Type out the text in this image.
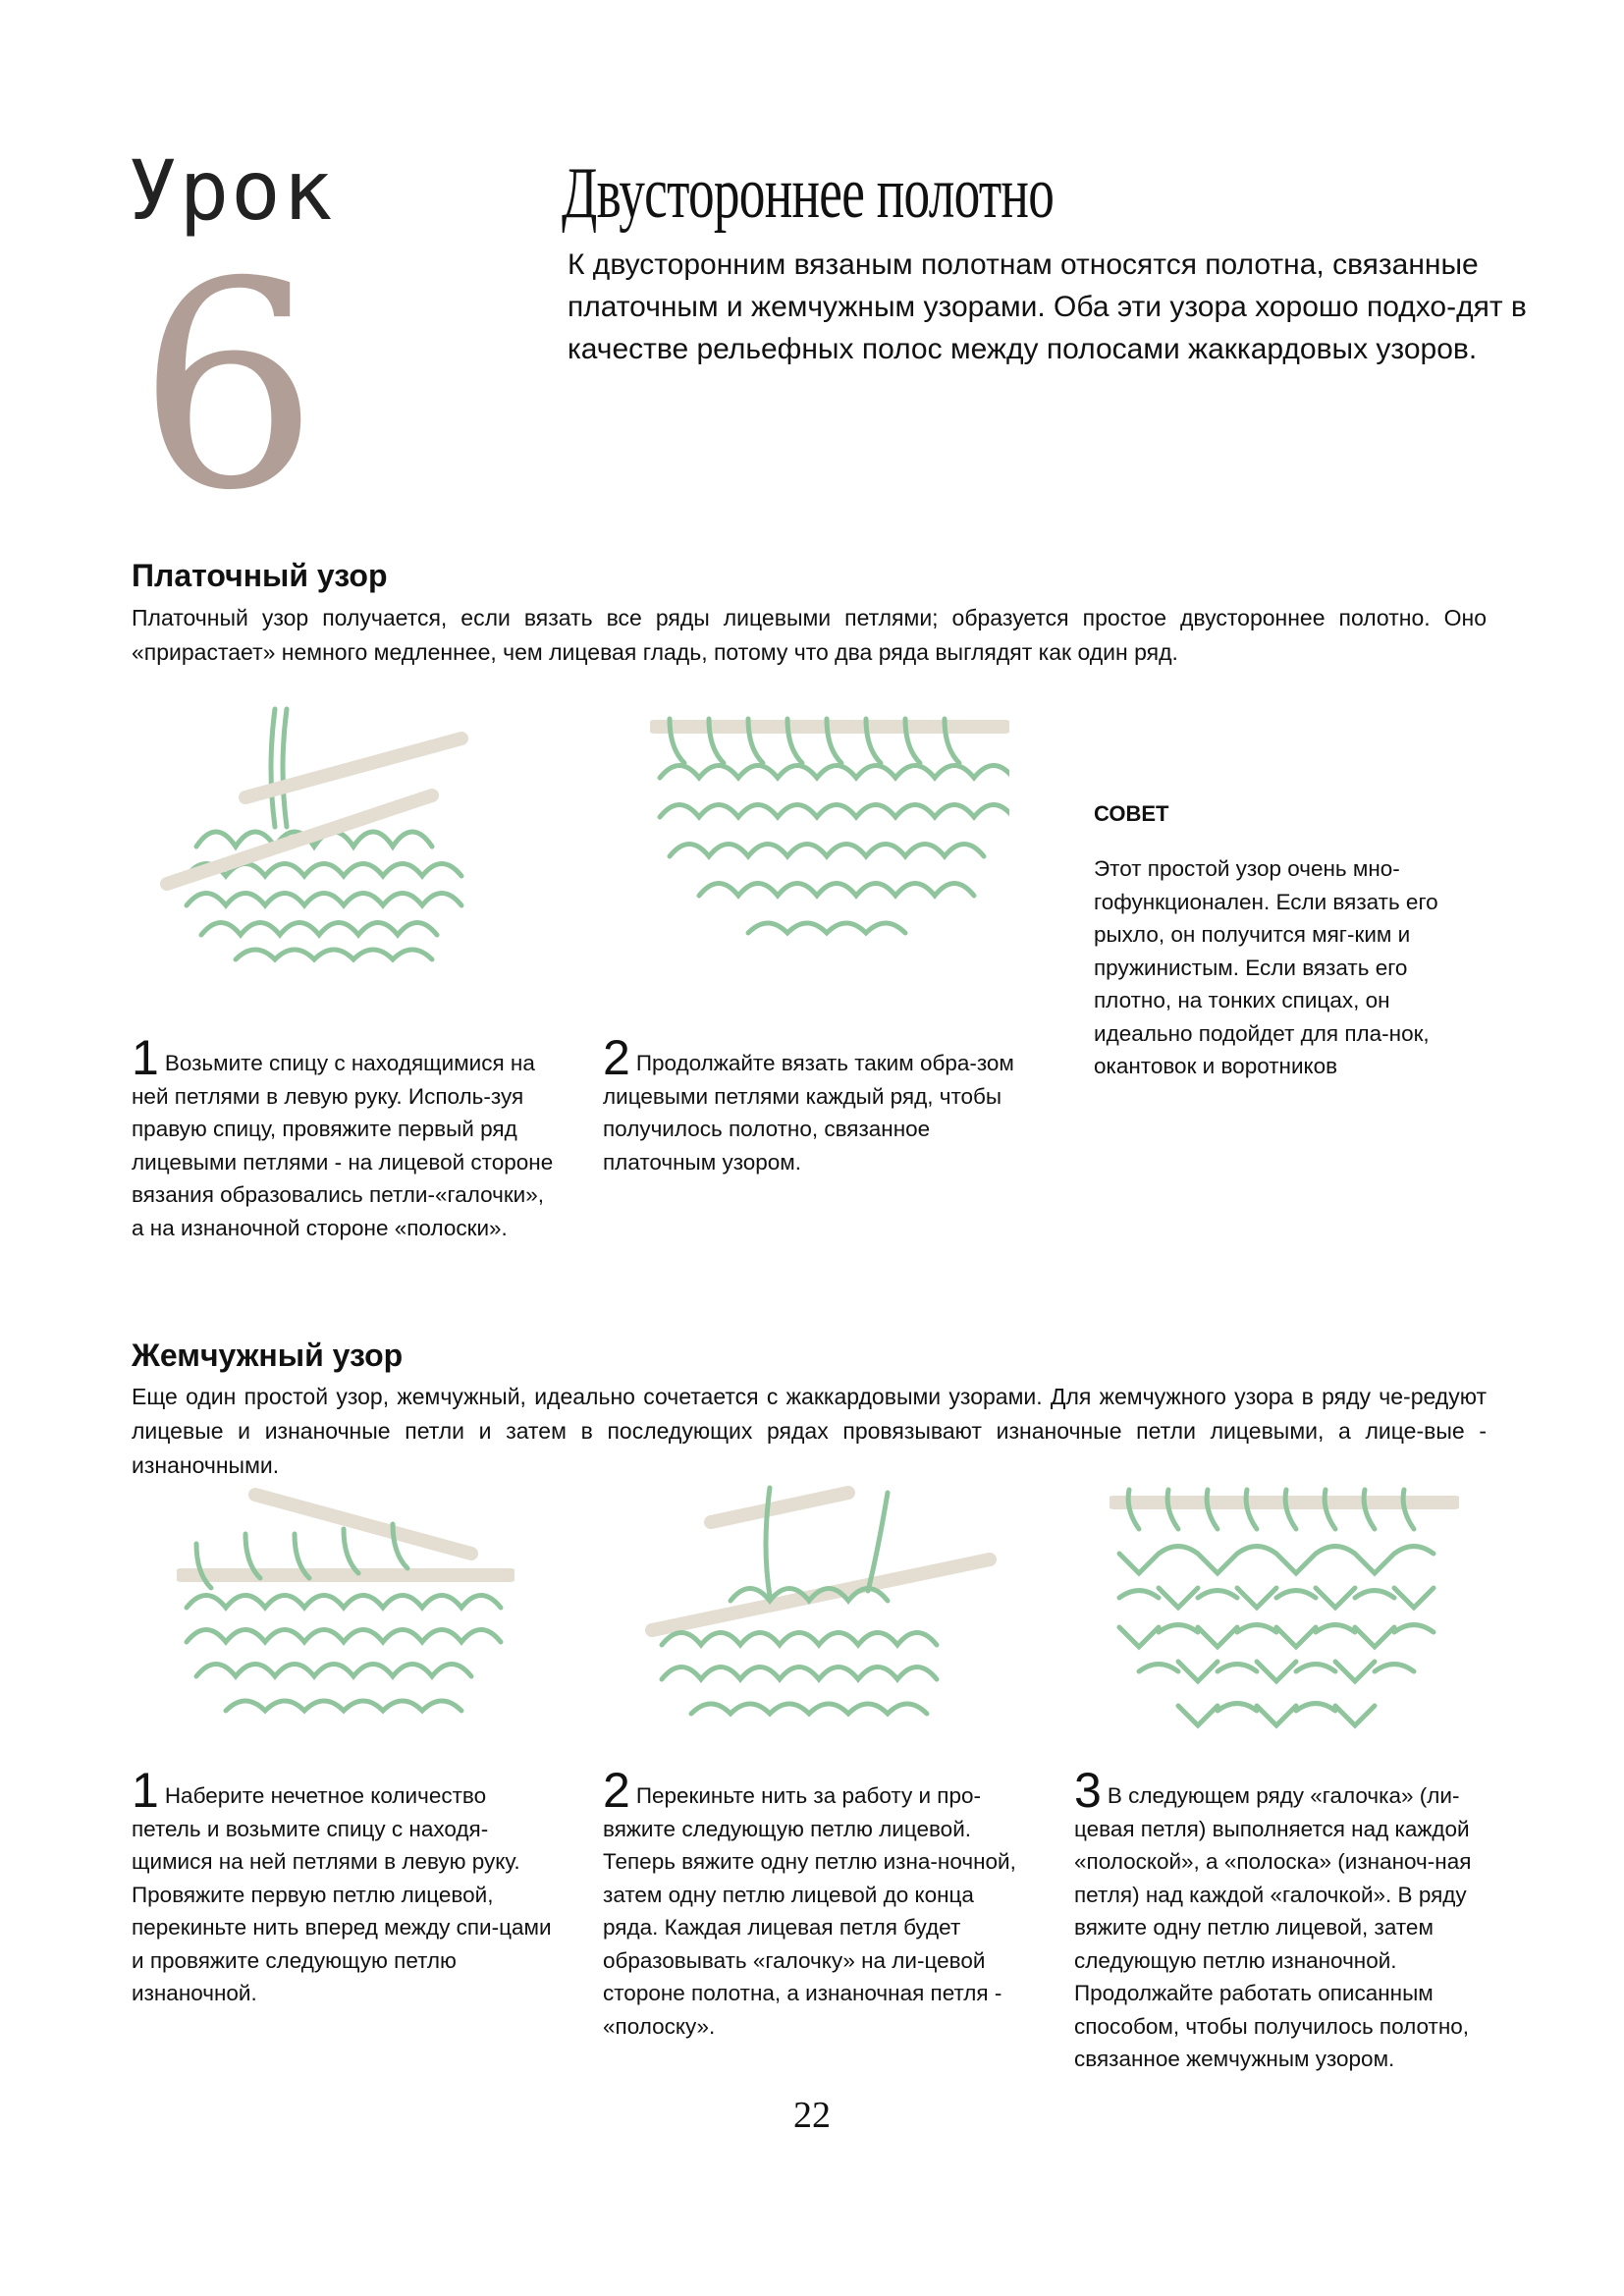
Урок
6
Двустороннее полотно
К двусторонним вязаным полотнам относятся полотна, связанные платочным и жемчужным узорами. Оба эти узора хорошо подхо-дят в качестве рельефных полос между полосами жаккардовых узоров.
Платочный узор
Платочный узор получается, если вязать все ряды лицевыми петлями; образуется простое двустороннее полотно. Оно «прирастает» немного медленнее, чем лицевая гладь, потому что два ряда выглядят как один ряд.
1 Возьмите спицу с находящимися на ней петлями в левую руку. Исполь-зуя правую спицу, провяжите первый ряд лицевыми петлями - на лицевой стороне вязания образовались петли-«галочки», а на изнаночной стороне «полоски».
2 Продолжайте вязать таким обра-зом лицевыми петлями каждый ряд, чтобы получилось полотно, связанное платочным узором.
СОВЕТ
Этот простой узор очень мно-гофункционален. Если вязать его рыхло, он получится мяг-ким и пружинистым. Если вязать его плотно, на тонких спицах, он идеально подойдет для пла-нок, окантовок и воротников
Жемчужный узор
Еще один простой узор, жемчужный, идеально сочетается с жаккардовыми узорами. Для жемчужного узора в ряду че-редуют лицевые и изнаночные петли и затем в последующих рядах провязывают изнаночные петли лицевыми, а лице-вые - изнаночными.
1 Наберите нечетное количество петель и возьмите спицу с находя-щимися на ней петлями в левую руку. Провяжите первую петлю лицевой, перекиньте нить вперед между спи-цами и провяжите следующую петлю изнаночной.
2 Перекиньте нить за работу и про-вяжите следующую петлю лицевой. Теперь вяжите одну петлю изна-ночной, затем одну петлю лицевой до конца ряда. Каждая лицевая петля будет образовывать «галочку» на ли-цевой стороне полотна, а изнаночная петля - «полоску».
3 В следующем ряду «галочка» (ли-цевая петля) выполняется над каждой «полоской», а «полоска» (изнаноч-ная петля) над каждой «галочкой». В ряду вяжите одну петлю лицевой, затем следующую петлю изнаночной. Продолжайте работать описанным способом, чтобы получилось полотно, связанное жемчужным узором.
22
